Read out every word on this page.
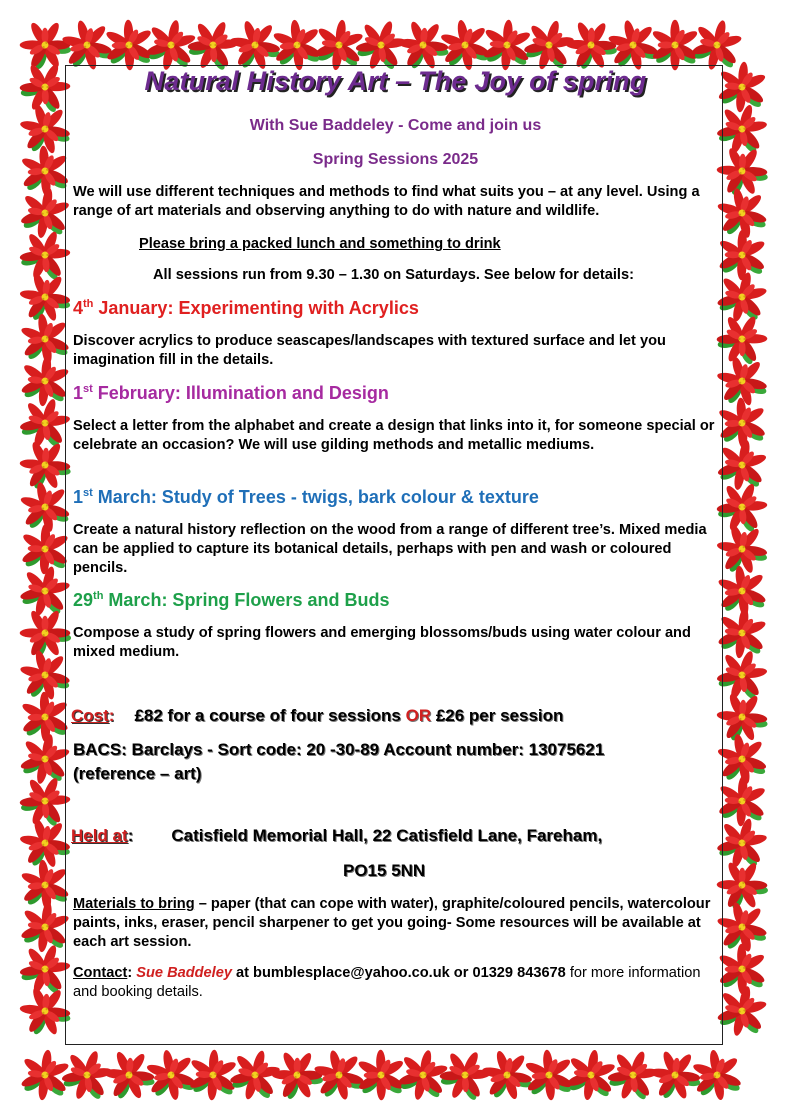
Natural History Art – The Joy of spring
With Sue Baddeley - Come and join us
Spring Sessions 2025
We will use different techniques and methods to find what suits you – at any level. Using a range of art materials and observing anything to do with nature and wildlife.
Please bring a packed lunch and something to drink
All sessions run from 9.30 – 1.30 on Saturdays. See below for details:
4th January: Experimenting with Acrylics
Discover acrylics to produce seascapes/landscapes with textured surface and let you imagination fill in the details.
1st February: Illumination and Design
Select a letter from the alphabet and create a design that links into it, for someone special or celebrate an occasion? We will use gilding methods and metallic mediums.
1st March: Study of Trees - twigs, bark colour & texture
Create a natural history reflection on the wood from a range of different tree’s. Mixed media can be applied to capture its botanical details, perhaps with pen and wash or coloured pencils.
29th March: Spring Flowers and Buds
Compose a study of spring flowers and emerging blossoms/buds using water colour and mixed medium.
Cost: £82 for a course of four sessions OR £26 per session
BACS: Barclays - Sort code: 20 -30-89 Account number: 13075621
(reference – art)
Held at: Catisfield Memorial Hall, 22 Catisfield Lane, Fareham,
PO15 5NN
Materials to bring – paper (that can cope with water), graphite/coloured pencils, watercolour paints, inks, eraser, pencil sharpener to get you going- Some resources will be available at each art session.
Contact: Sue Baddeley at bumblesplace@yahoo.co.uk or 01329 843678 for more information and booking details.
